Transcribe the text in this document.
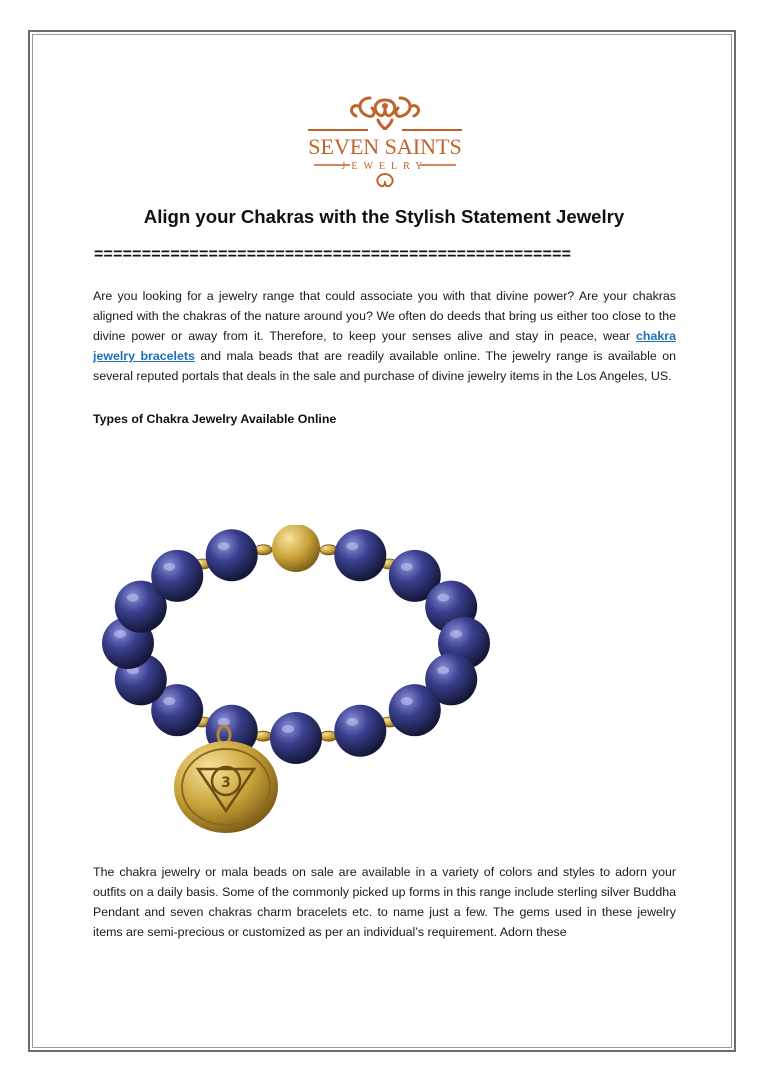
SEVEN SAINTS
JEWELRY
Align your Chakras with the Stylish Statement Jewelry
==================================================

Are you looking for a jewelry range that could associate you with that divine power? Are your chakras aligned with the chakras of the nature around you? We often do deeds that bring us either too close to the divine power or away from it. Therefore, to keep your senses alive and stay in peace, wear chakra jewelry bracelets and mala beads that are readily available online. The jewelry range is available on several reputed portals that deals in the sale and purchase of divine jewelry items in the Los Angeles, US.

Types of Chakra Jewelry Available Online

3

The chakra jewelry or mala beads on sale are available in a variety of colors and styles to adorn your outfits on a daily basis. Some of the commonly picked up forms in this range include sterling silver Buddha Pendant and seven chakras charm bracelets etc. to name just a few. The gems used in these jewelry items are semi-precious or customized as per an individual’s requirement. Adorn these
